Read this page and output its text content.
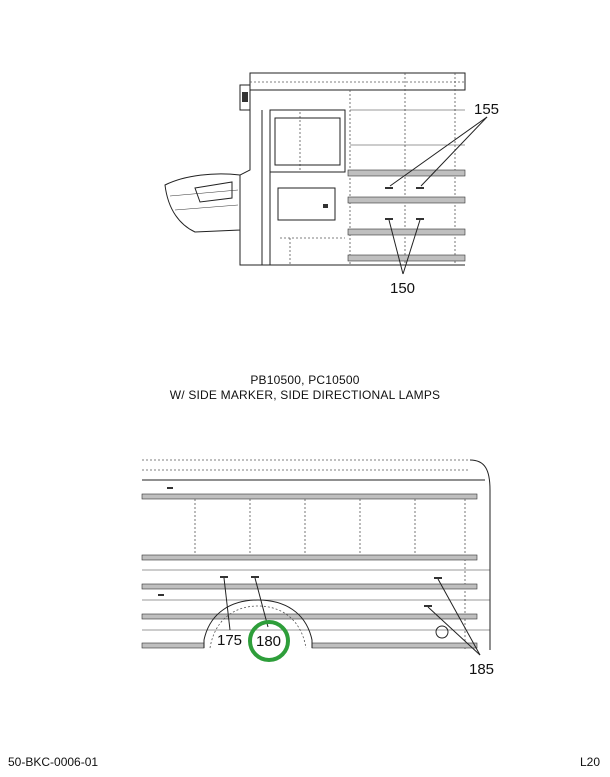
155
150
175 180
185
PB10500, PC10500
W/ SIDE MARKER, SIDE DIRECTIONAL LAMPS
50-BKC-0006-01	L20
